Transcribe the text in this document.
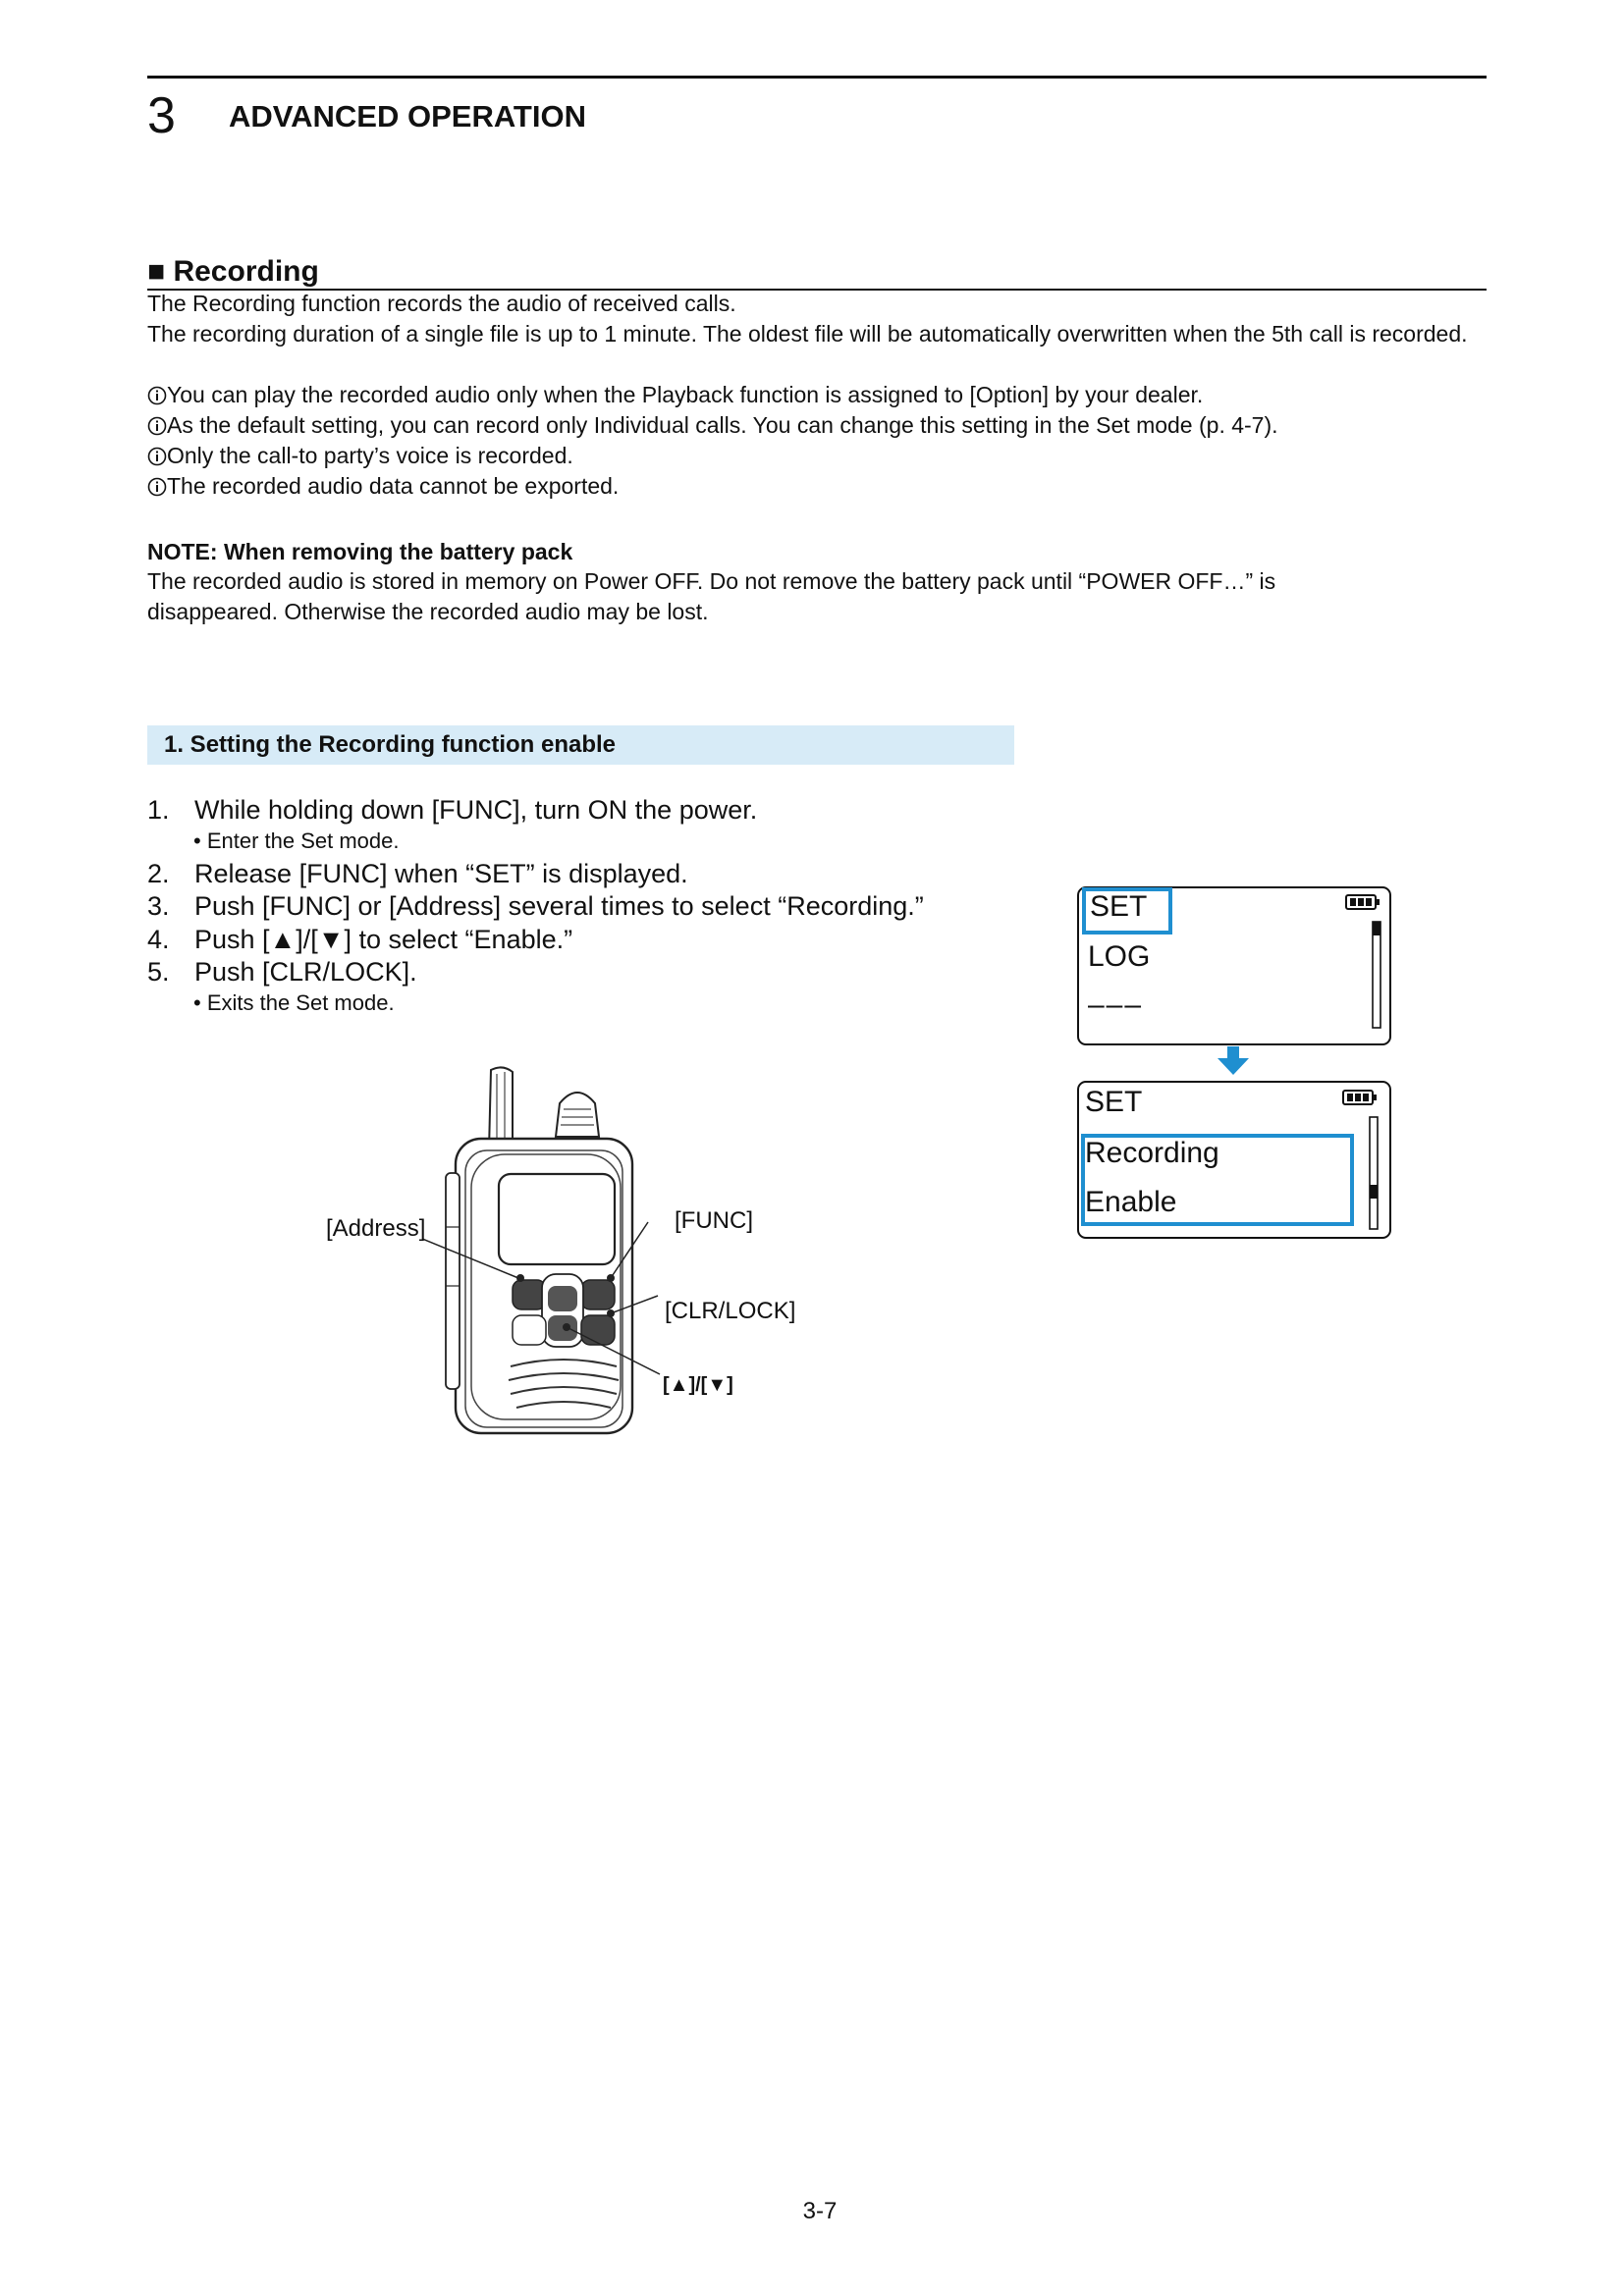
3 ADVANCED OPERATION
■ Recording
The Recording function records the audio of received calls.
The recording duration of a single file is up to 1 minute. The oldest file will be automatically overwritten when the 5th call is recorded.
You can play the recorded audio only when the Playback function is assigned to [Option] by your dealer.
As the default setting, you can record only Individual calls. You can change this setting in the Set mode (p. 4-7).
Only the call-to party’s voice is recorded.
The recorded audio data cannot be exported.
NOTE: When removing the battery pack
The recorded audio is stored in memory on Power OFF. Do not remove the battery pack until “POWER OFF…” is disappeared. Otherwise the recorded audio may be lost.
1. Setting the Recording function enable
1. While holding down [FUNC], turn ON the power.
• Enter the Set mode.
2. Release [FUNC] when “SET” is displayed.
3. Push [FUNC] or [Address] several times to select “Recording.”
4. Push [▲]/[▼] to select “Enable.”
5. Push [CLR/LOCK].
• Exits the Set mode.
[Address]	[FUNC]
[CLR/LOCK]
[▲]/[▼]
SET
LOG
–––
SET
Recording
Enable
3-7
